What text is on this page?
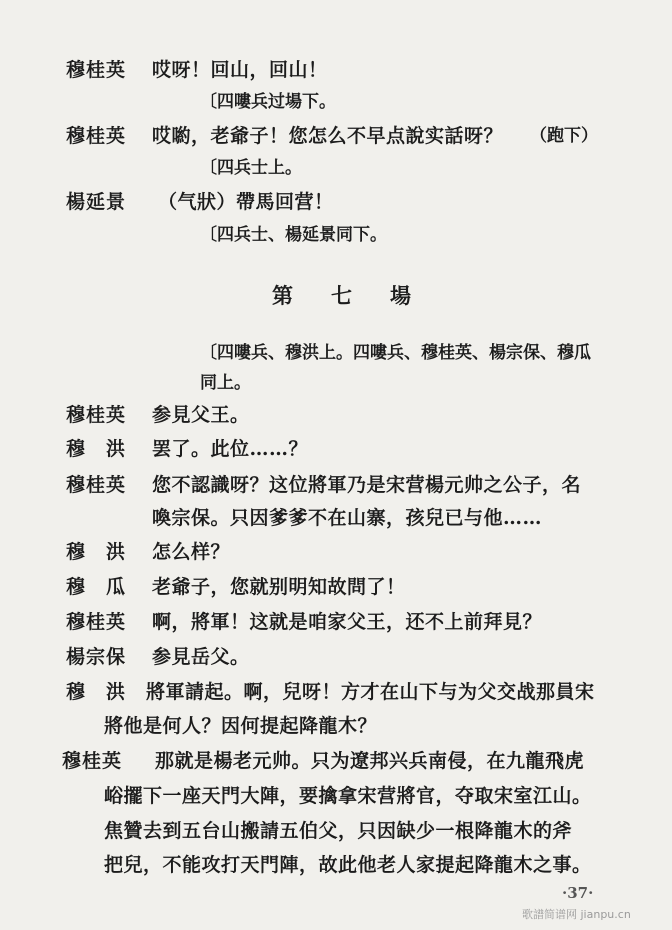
穆桂英 哎呀！回山，回山！
〔四嘍兵过場下。
穆桂英 哎喲，老爺子！您怎么不早点說实話呀？ （跑下）
〔四兵士上。
楊延景 （气狀）帶馬回营！
〔四兵士、楊延景同下。
第七場
〔四嘍兵、穆洪上。四嘍兵、穆桂英、楊宗保、穆瓜
同上。
穆桂英 参見父王。
穆　洪 罢了。此位……？
穆桂英 您不認識呀？这位將軍乃是宋营楊元帅之公子，名
喚宗保。只因爹爹不在山寨，孩兒已与他……
穆　洪 怎么样？
穆　瓜 老爺子，您就别明知故問了！
穆桂英 啊，將軍！这就是咱家父王，还不上前拜見？
楊宗保 参見岳父。
穆　洪 將軍請起。啊，兒呀！方才在山下与为父交战那員宋
將他是何人？因何提起降龍木？
穆桂英 那就是楊老元帅。只为遼邦兴兵南侵，在九龍飛虎
峪擺下一座天門大陣，要擒拿宋营將官，夺取宋室江山。
焦贊去到五台山搬請五伯父，只因缺少一根降龍木的斧
把兒，不能攻打天門陣，故此他老人家提起降龍木之事。
·37·
歌譜简谱网 jianpu.cn
